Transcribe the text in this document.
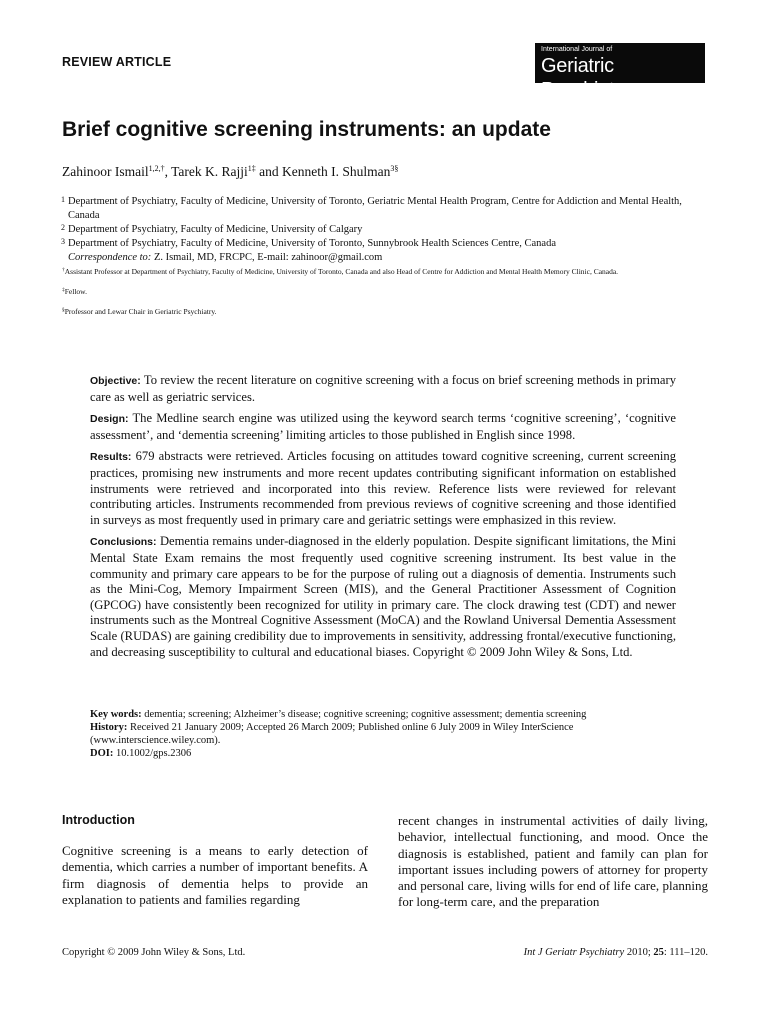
REVIEW ARTICLE
International Journal of
Geriatric Psychiatry
Brief cognitive screening instruments: an update
Zahinoor Ismail$^{1,2,\dagger}$, Tarek K. Rajji$^{1\ddagger}$ and Kenneth I. Shulman$^{3\S}$
1 Department of Psychiatry, Faculty of Medicine, University of Toronto, Geriatric Mental Health Program, Centre for Addiction and Mental Health, Canada
2 Department of Psychiatry, Faculty of Medicine, University of Calgary
3 Department of Psychiatry, Faculty of Medicine, University of Toronto, Sunnybrook Health Sciences Centre, Canada
Correspondence to: Z. Ismail, MD, FRCPC, E-mail: zahinoor@gmail.com

†Assistant Professor at Department of Psychiatry, Faculty of Medicine, University of Toronto, Canada and also Head of Centre for Addiction and Mental Health Memory Clinic, Canada.

‡Fellow.

§Professor and Lewar Chair in Geriatric Psychiatry.

Objective: To review the recent literature on cognitive screening with a focus on brief screening methods in primary care as well as geriatric services.

Design: The Medline search engine was utilized using the keyword search terms ‘cognitive screening’, ‘cognitive assessment’, and ‘dementia screening’ limiting articles to those published in English since 1998.

Results: 679 abstracts were retrieved. Articles focusing on attitudes toward cognitive screening, current screening practices, promising new instruments and more recent updates contributing significant information on established instruments were retrieved and incorporated into this review. Reference lists were reviewed for relevant contributing articles. Instruments recommended from previous reviews of cognitive screening and those identified in surveys as most frequently used in primary care and geriatric settings were emphasized in this review.

Conclusions: Dementia remains under-diagnosed in the elderly population. Despite significant limitations, the Mini Mental State Exam remains the most frequently used cognitive screening instrument. Its best value in the community and primary care appears to be for the purpose of ruling out a diagnosis of dementia. Instruments such as the Mini-Cog, Memory Impairment Screen (MIS), and the General Practitioner Assessment of Cognition (GPCOG) have consistently been recognized for utility in primary care. The clock drawing test (CDT) and newer instruments such as the Montreal Cognitive Assessment (MoCA) and the Rowland Universal Dementia Assessment Scale (RUDAS) are gaining credibility due to improvements in sensitivity, addressing frontal/executive functioning, and decreasing susceptibility to cultural and educational biases. Copyright © 2009 John Wiley & Sons, Ltd.

Key words: dementia; screening; Alzheimer’s disease; cognitive screening; cognitive assessment; dementia screening
History: Received 21 January 2009; Accepted 26 March 2009; Published online 6 July 2009 in Wiley InterScience (www.interscience.wiley.com).
DOI: 10.1002/gps.2306
Introduction

Cognitive screening is a means to early detection of dementia, which carries a number of important benefits. A firm diagnosis of dementia helps to provide an explanation to patients and families regarding

recent changes in instrumental activities of daily living, behavior, intellectual functioning, and mood. Once the diagnosis is established, patient and family can plan for important issues including powers of attorney for property and personal care, living wills for end of life care, planning for long-term care, and the preparation

Copyright © 2009 John Wiley & Sons, Ltd.	Int J Geriatr Psychiatry 2010; 25: 111–120.
